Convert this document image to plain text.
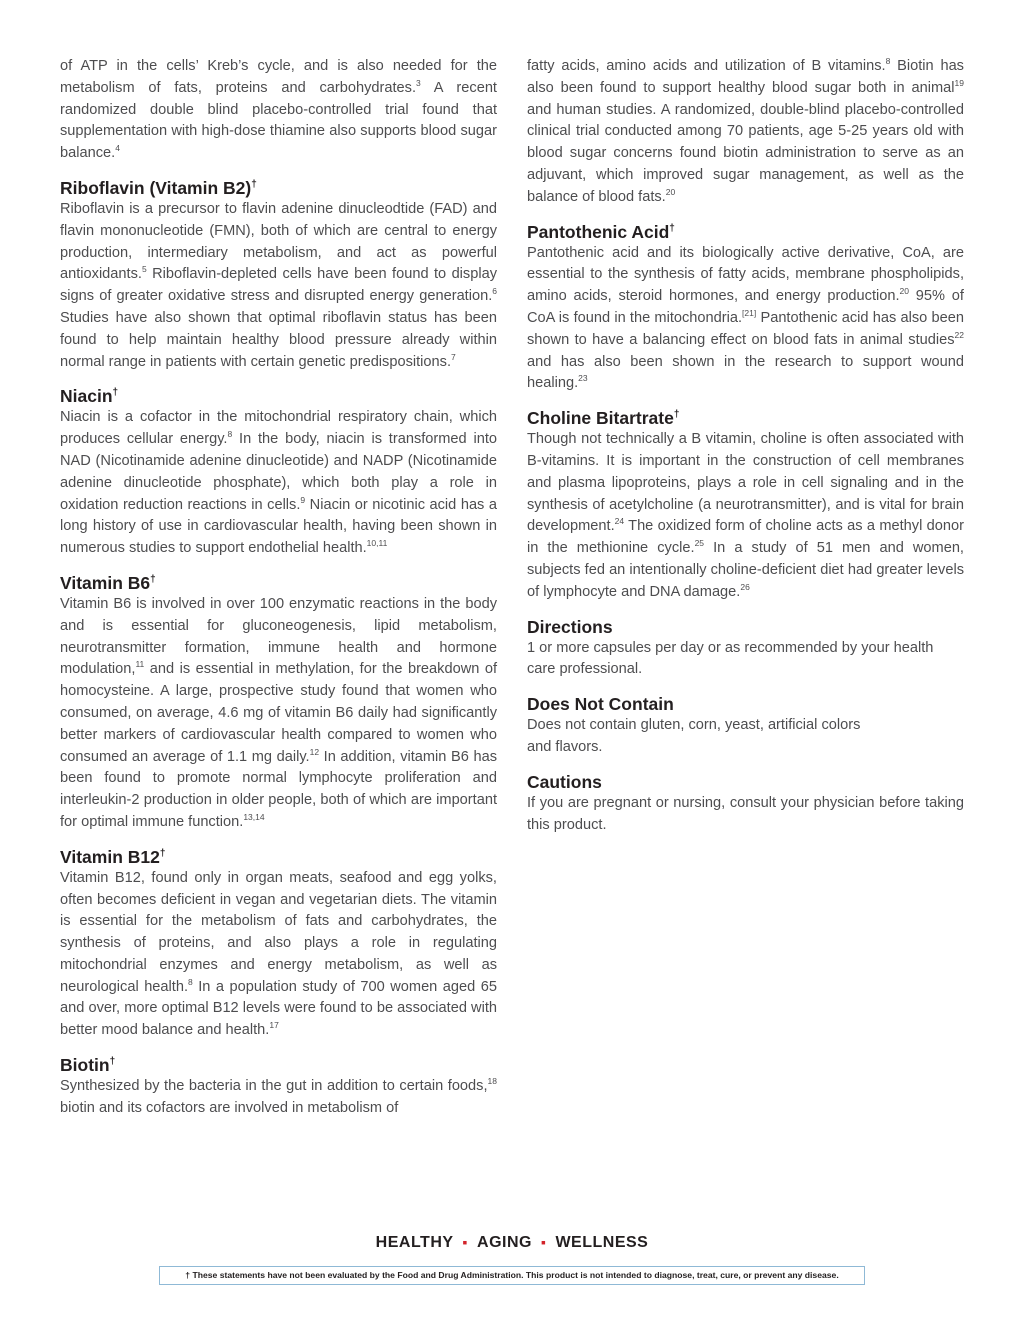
of ATP in the cells’ Kreb’s cycle, and is also needed for the metabolism of fats, proteins and carbohydrates.$^3$ A recent randomized double blind placebo-controlled trial found that supplementation with high-dose thiamine also supports blood sugar balance.$^4$

Riboflavin (Vitamin B2)†

Riboflavin is a precursor to flavin adenine dinucleodtide (FAD) and flavin mononucleotide (FMN), both of which are central to energy production, intermediary metabolism, and act as powerful antioxidants.$^5$ Riboflavin-depleted cells have been found to display signs of greater oxidative stress and disrupted energy generation.$^6$ Studies have also shown that optimal riboflavin status has been found to help maintain healthy blood pressure already within normal range in patients with certain genetic predispositions.$^7$

Niacin†

Niacin is a cofactor in the mitochondrial respiratory chain, which produces cellular energy.$^8$ In the body, niacin is transformed into NAD (Nicotinamide adenine dinucleotide) and NADP (Nicotinamide adenine dinucleotide phosphate), which both play a role in oxidation reduction reactions in cells.$^9$ Niacin or nicotinic acid has a long history of use in cardiovascular health, having been shown in numerous studies to support endothelial health.$^{10,11}$

Vitamin B6†

Vitamin B6 is involved in over 100 enzymatic reactions in the body and is essential for gluconeogenesis, lipid metabolism, neurotransmitter formation, immune health and hormone modulation,$^{11}$ and is essential in methylation, for the breakdown of homocysteine. A large, prospective study found that women who consumed, on average, 4.6 mg of vitamin B6 daily had significantly better markers of cardiovascular health compared to women who consumed an average of 1.1 mg daily.$^{12}$ In addition, vitamin B6 has been found to promote normal lymphocyte proliferation and interleukin-2 production in older people, both of which are important for optimal immune function.$^{13,14}$

Vitamin B12†

Vitamin B12, found only in organ meats, seafood and egg yolks, often becomes deficient in vegan and vegetarian diets. The vitamin is essential for the metabolism of fats and carbohydrates, the synthesis of proteins, and also plays a role in regulating mitochondrial enzymes and energy metabolism, as well as neurological health.$^8$ In a population study of 700 women aged 65 and over, more optimal B12 levels were found to be associated with better mood balance and health.$^{17}$

Biotin†

Synthesized by the bacteria in the gut in addition to certain foods,$^{18}$ biotin and its cofactors are involved in metabolism of

fatty acids, amino acids and utilization of B vitamins.$^8$ Biotin has also been found to support healthy blood sugar both in animal$^{19}$ and human studies. A randomized, double-blind placebo-controlled clinical trial conducted among 70 patients, age 5-25 years old with blood sugar concerns found biotin administration to serve as an adjuvant, which improved sugar management, as well as the balance of blood fats.$^{20}$

Pantothenic Acid†

Pantothenic acid and its biologically active derivative, CoA, are essential to the synthesis of fatty acids, membrane phospholipids, amino acids, steroid hormones, and energy production.$^{20}$ 95% of CoA is found in the mitochondria.[21] Pantothenic acid has also been shown to have a balancing effect on blood fats in animal studies$^{22}$ and has also been shown in the research to support wound healing.$^{23}$

Choline Bitartrate†

Though not technically a B vitamin, choline is often associated with B-vitamins. It is important in the construction of cell membranes and plasma lipoproteins, plays a role in cell signaling and in the synthesis of acetylcholine (a neurotransmitter), and is vital for brain development.$^{24}$ The oxidized form of choline acts as a methyl donor in the methionine cycle.$^{25}$ In a study of 51 men and women, subjects fed an intentionally choline-deficient diet had greater levels of lymphocyte and DNA damage.$^{26}$

Directions

1 or more capsules per day or as recommended by your health care professional.

Does Not Contain

Does not contain gluten, corn, yeast, artificial colors
and flavors.

Cautions

If you are pregnant or nursing, consult your physician before taking this product.

HEALTHY ▪ AGING ▪ WELLNESS
† These statements have not been evaluated by the Food and Drug Administration. This product is not intended to diagnose, treat, cure, or prevent any disease.
